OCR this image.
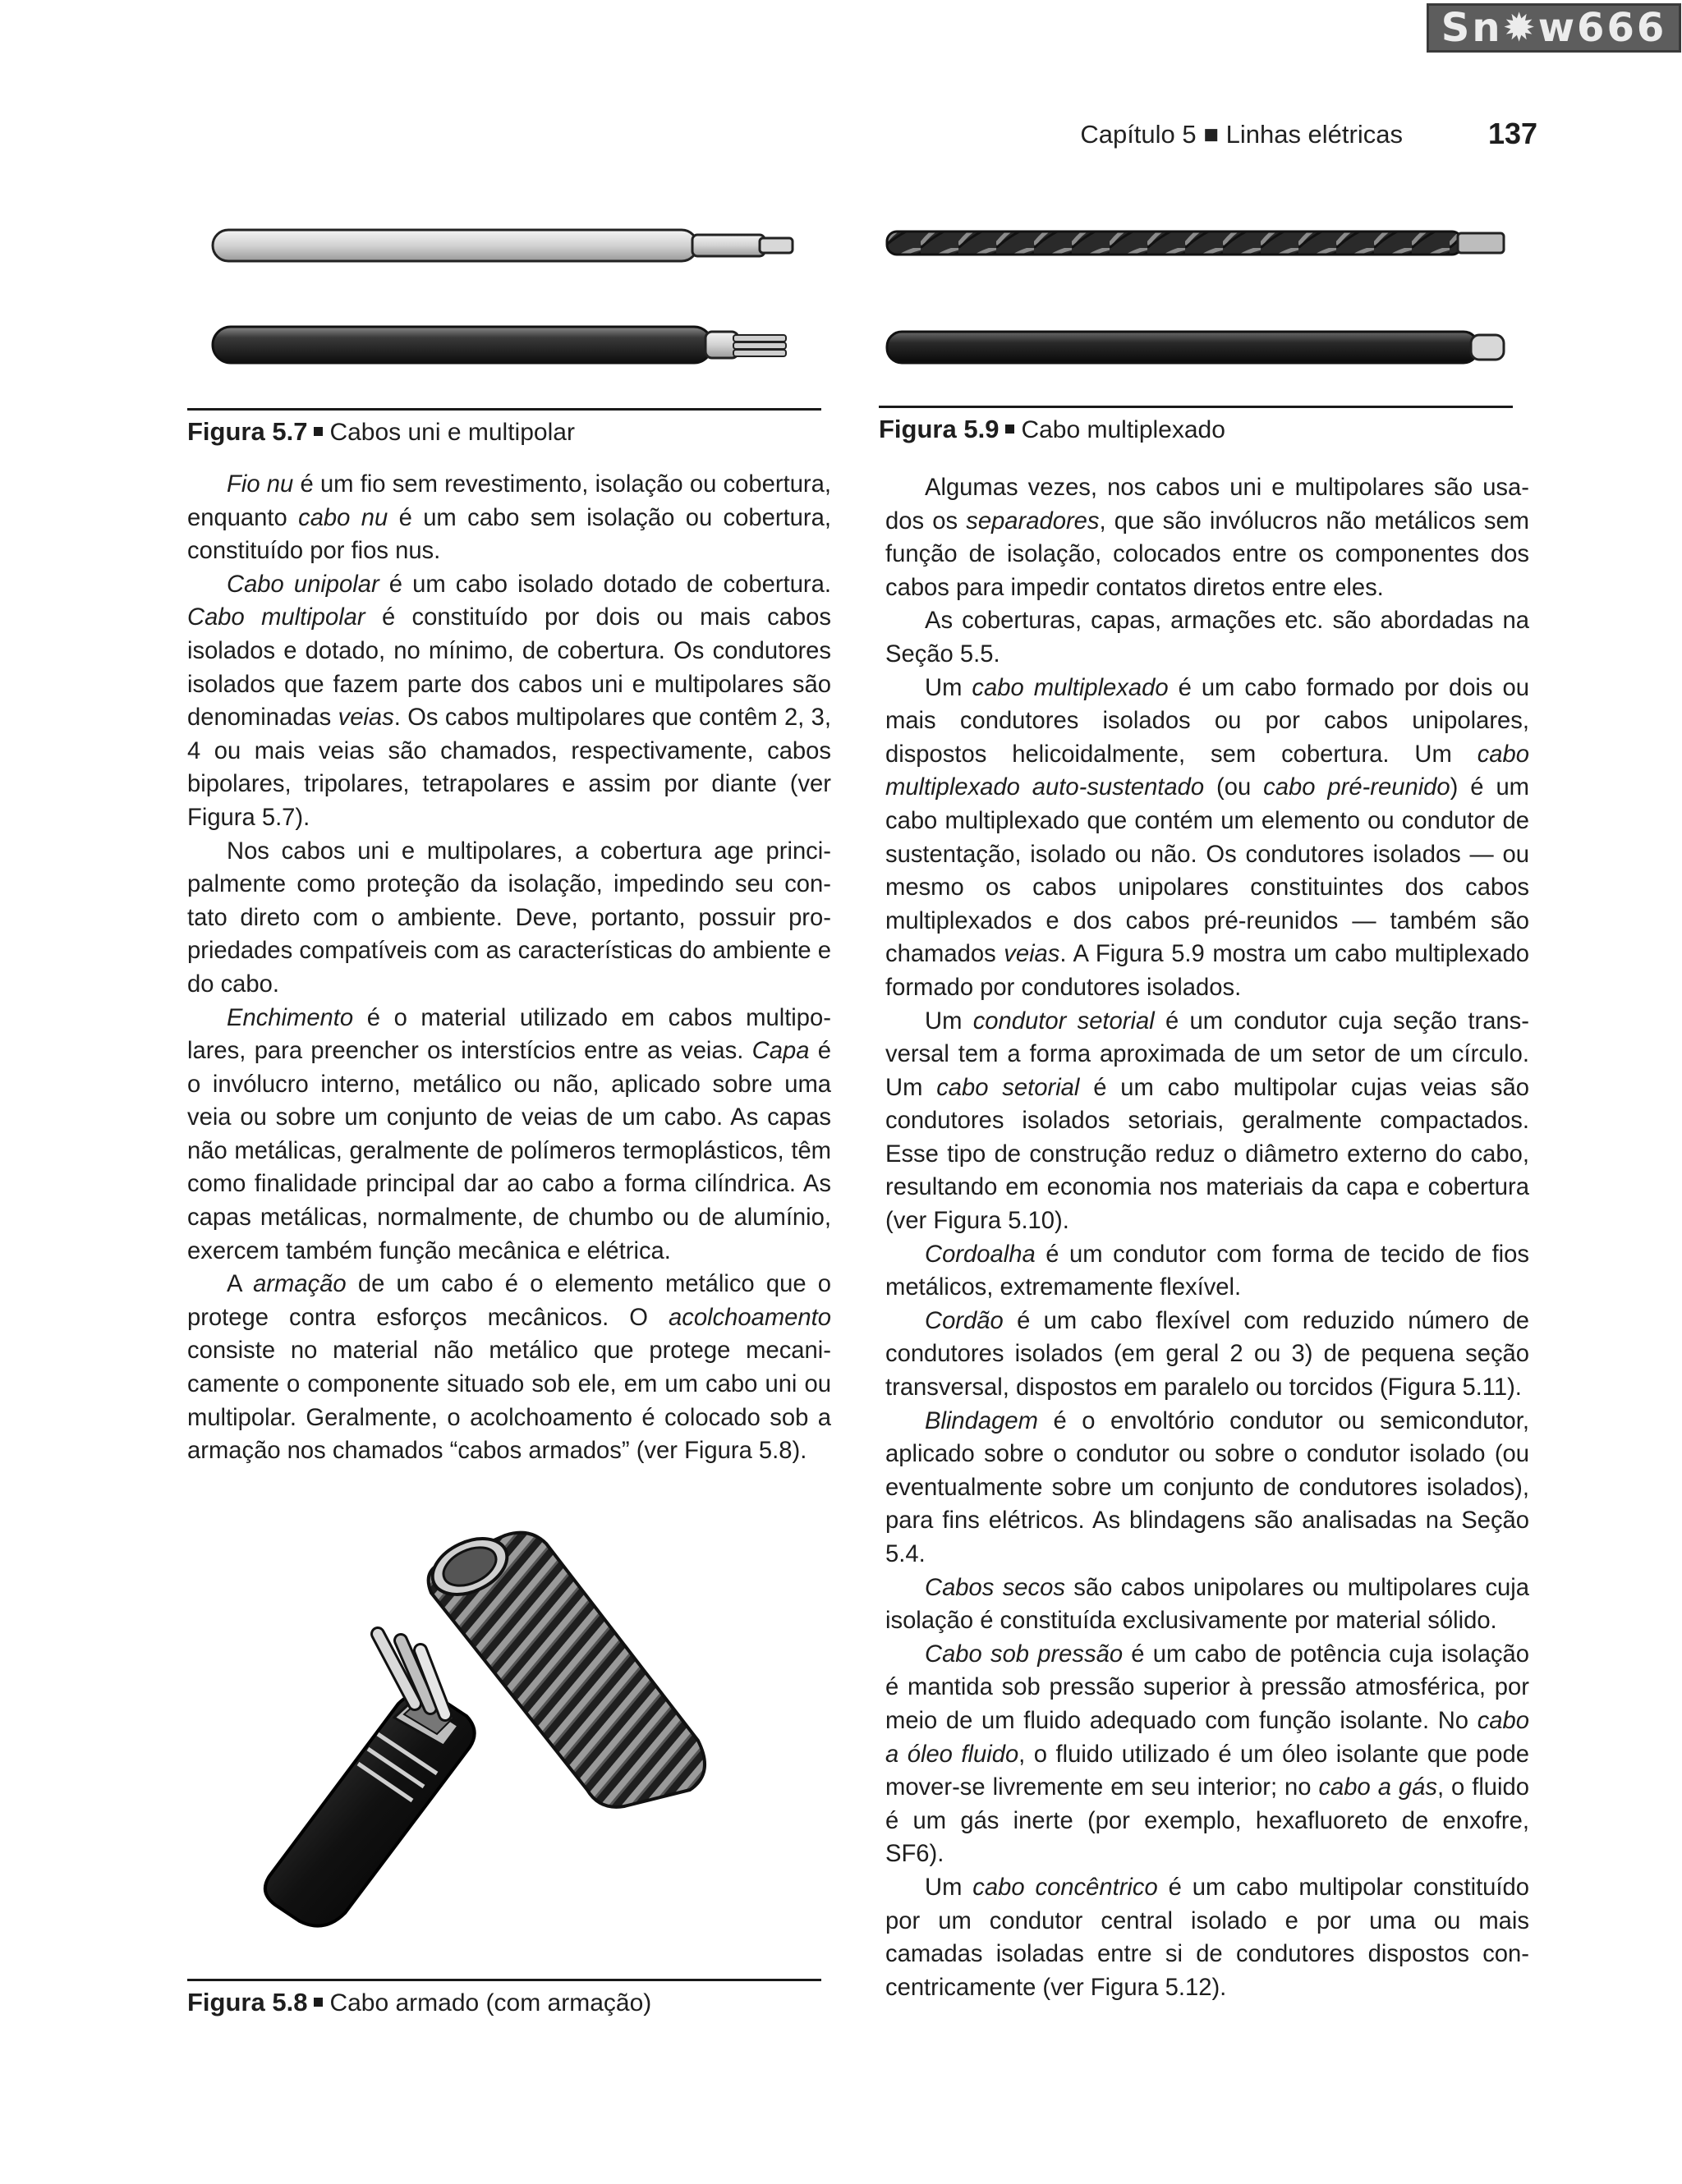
Sn✹w666
Capítulo 5 ■ Linhas elétricas	137
Figura 5.7 Cabos uni e multipolar	Figura 5.9 Cabo multiplexado

Fio nu é um fio sem revestimento, isolação ou cobertura, enquanto cabo nu é um cabo sem isolação ou cobertura, constituído por fios nus.

Cabo unipolar é um cabo isolado dotado de cobertura. Cabo multipolar é constituído por dois ou mais cabos isolados e dotado, no mínimo, de cobertura. Os condutores isolados que fazem parte dos cabos uni e multipolares são denominadas veias. Os cabos multipolares que contêm 2, 3, 4 ou mais veias são chamados, respectivamente, cabos bipolares, tripolares, tetrapolares e assim por diante (ver Figura 5.7).

Nos cabos uni e multipolares, a cobertura age principalmente como proteção da isolação, impedindo seu contato direto com o ambiente. Deve, portanto, possuir propriedades compatíveis com as características do ambiente e do cabo.

Enchimento é o material utilizado em cabos multipolares, para preencher os interstícios entre as veias. Capa é o invólucro interno, metálico ou não, aplicado sobre uma veia ou sobre um conjunto de veias de um cabo. As capas não metálicas, geralmente de polímeros termoplásticos, têm como finalidade principal dar ao cabo a forma cilíndrica. As capas metálicas, normalmente, de chumbo ou de alumínio, exercem também função mecânica e elétrica.

A armação de um cabo é o elemento metálico que o protege contra esforços mecânicos. O acolchoamento consiste no material não metálico que protege mecanicamente o componente situado sob ele, em um cabo uni ou multipolar. Geralmente, o acolchoamento é colocado sob a armação nos chamados “cabos armados” (ver Figura 5.8).

Figura 5.8 Cabo armado (com armação)

Algumas vezes, nos cabos uni e multipolares são usados os separadores, que são invólucros não metálicos sem função de isolação, colocados entre os componentes dos cabos para impedir contatos diretos entre eles.

As coberturas, capas, armações etc. são abordadas na Seção 5.5.

Um cabo multiplexado é um cabo formado por dois ou mais condutores isolados ou por cabos unipolares, dispostos helicoidalmente, sem cobertura. Um cabo multiplexado auto-sustentado (ou cabo pré-reunido) é um cabo multiplexado que contém um elemento ou condutor de sustentação, isolado ou não. Os condutores isolados — ou mesmo os cabos unipolares constituintes dos cabos multiplexados e dos cabos pré-reunidos — também são chamados veias. A Figura 5.9 mostra um cabo multiplexado formado por condutores isolados.

Um condutor setorial é um condutor cuja seção transversal tem a forma aproximada de um setor de um círculo. Um cabo setorial é um cabo multipolar cujas veias são condutores isolados setoriais, geralmente compactados. Esse tipo de construção reduz o diâmetro externo do cabo, resultando em economia nos materiais da capa e cobertura (ver Figura 5.10).

Cordoalha é um condutor com forma de tecido de fios metálicos, extremamente flexível.

Cordão é um cabo flexível com reduzido número de condutores isolados (em geral 2 ou 3) de pequena seção transversal, dispostos em paralelo ou torcidos (Figura 5.11).

Blindagem é o envoltório condutor ou semicondutor, aplicado sobre o condutor ou sobre o condutor isolado (ou eventualmente sobre um conjunto de condutores isolados), para fins elétricos. As blindagens são analisadas na Seção 5.4.

Cabos secos são cabos unipolares ou multipolares cuja isolação é constituída exclusivamente por material sólido.

Cabo sob pressão é um cabo de potência cuja isolação é mantida sob pressão superior à pressão atmosférica, por meio de um fluido adequado com função isolante. No cabo a óleo fluido, o fluido utilizado é um óleo isolante que pode mover-se livremente em seu interior; no cabo a gás, o fluido é um gás inerte (por exemplo, hexafluoreto de enxofre, SF6).

Um cabo concêntrico é um cabo multipolar constituído por um condutor central isolado e por uma ou mais camadas isoladas entre si de condutores dispostos concentricamente (ver Figura 5.12).
